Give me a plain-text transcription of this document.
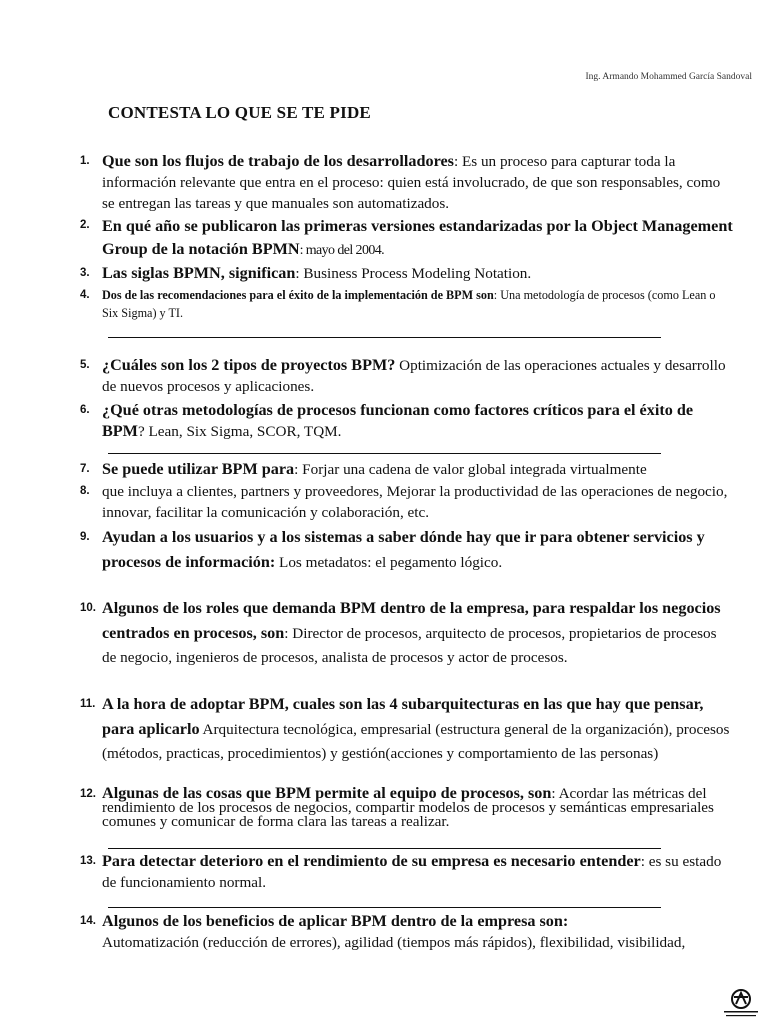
Ing. Armando Mohammed García Sandoval
CONTESTA LO QUE SE TE PIDE
1. Que son los flujos de trabajo de los desarrolladores: Es un proceso para capturar toda la información relevante que entra en el proceso: quien está involucrado, de que son responsables, como se entregan las tareas y que manuales son automatizados.
2. En qué año se publicaron las primeras versiones estandarizadas por la Object Management Group de la notación BPMN: mayo del 2004.
3. Las siglas BPMN, significan: Business Process Modeling Notation.
4.	Dos de las recomendaciones para el éxito de la implementación de BPM son: Una metodología de procesos (como Lean o Six Sigma) y TI.
5. ¿Cuáles son los 2 tipos de proyectos BPM? Optimización de las operaciones actuales y desarrollo de nuevos procesos y aplicaciones.
6. ¿Qué otras metodologías de procesos funcionan como factores críticos para el éxito de BPM? Lean, Six Sigma, SCOR, TQM.
7. Se puede utilizar BPM para: Forjar una cadena de valor global integrada virtualmente
8. que incluya a clientes, partners y proveedores, Mejorar la productividad de las operaciones de negocio, innovar, facilitar la comunicación y colaboración, etc.
9. Ayudan a los usuarios y a los sistemas a saber dónde hay que ir para obtener servicios y procesos de información: Los metadatos: el pegamento lógico.
10. Algunos de los roles que demanda BPM dentro de la empresa, para respaldar los negocios centrados en procesos, son: Director de procesos, arquitecto de procesos, propietarios de procesos de negocio, ingenieros de procesos, analista de procesos y actor de procesos.
11. A la hora de adoptar BPM, cuales son las 4 subarquitecturas en las que hay que pensar, para aplicarlo Arquitectura tecnológica, empresarial (estructura general de la organización), procesos (métodos, practicas, procedimientos) y gestión(acciones y comportamiento de las personas)
12. Algunas de las cosas que BPM permite al equipo de procesos, son: Acordar las métricas del rendimiento de los procesos de negocios, compartir modelos de procesos y semánticas empresariales comunes y comunicar de forma clara las tareas a realizar.
13. Para detectar deterioro en el rendimiento de su empresa es necesario entender: es su estado de funcionamiento normal.
14. Algunos de los beneficios de aplicar BPM dentro de la empresa son:
Automatización (reducción de errores), agilidad (tiempos más rápidos), flexibilidad, visibilidad,
